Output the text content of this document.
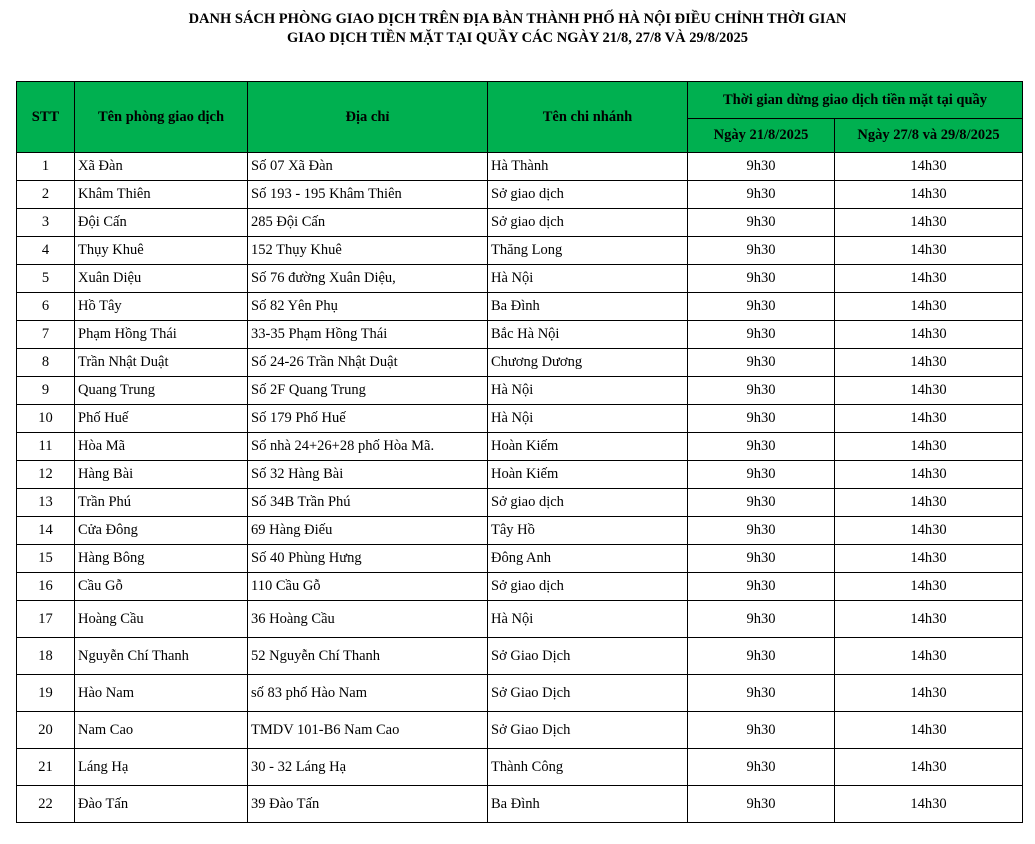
DANH SÁCH PHÒNG GIAO DỊCH TRÊN ĐỊA BÀN THÀNH PHỐ HÀ NỘI ĐIỀU CHỈNH THỜI GIAN
GIAO DỊCH TIỀN MẶT TẠI QUẦY CÁC NGÀY 21/8, 27/8 VÀ 29/8/2025
STT	Tên phòng giao dịch	Địa chỉ	Tên chi nhánh	Thời gian dừng giao dịch tiền mặt tại quầy	
				Ngày 21/8/2025	Ngày 27/8 và 29/8/2025
1	Xã Đàn	Số 07 Xã Đàn	Hà Thành	9h30	14h30
2	Khâm Thiên	Số 193 - 195 Khâm Thiên	Sở giao dịch	9h30	14h30
3	Đội Cấn	285 Đội Cấn	Sở giao dịch	9h30	14h30
4	Thụy Khuê	152 Thụy Khuê	Thăng Long	9h30	14h30
5	Xuân Diệu	Số 76 đường Xuân Diệu,	Hà Nội	9h30	14h30
6	Hồ Tây	Số 82 Yên Phụ	Ba Đình	9h30	14h30
7	Phạm Hồng Thái	33-35 Phạm Hồng Thái	Bắc Hà Nội	9h30	14h30
8	Trần Nhật Duật	Số 24-26 Trần Nhật Duật	Chương Dương	9h30	14h30
9	Quang Trung	Số 2F Quang Trung	Hà Nội	9h30	14h30
10	Phố Huế	Số 179 Phố Huế	Hà Nội	9h30	14h30
11	Hòa Mã	Số nhà 24+26+28 phố Hòa Mã.	Hoàn Kiếm	9h30	14h30
12	Hàng Bài	Số 32 Hàng Bài	Hoàn Kiếm	9h30	14h30
13	Trần Phú	Số 34B Trần Phú	Sở giao dịch	9h30	14h30
14	Cửa Đông	69 Hàng Điếu	Tây Hồ	9h30	14h30
15	Hàng Bông	Số 40 Phùng Hưng	Đông Anh	9h30	14h30
16	Cầu Gỗ	110 Cầu Gỗ	Sở giao dịch	9h30	14h30
17	Hoàng Cầu	36 Hoàng Cầu	Hà Nội	9h30	14h30
18	Nguyễn Chí Thanh	52 Nguyễn Chí Thanh	Sở Giao Dịch	9h30	14h30
19	Hào Nam	số 83 phố Hào Nam	Sở Giao Dịch	9h30	14h30
20	Nam Cao	TMDV 101-B6 Nam Cao	Sở Giao Dịch	9h30	14h30
21	Láng Hạ	30 - 32 Láng Hạ	Thành Công	9h30	14h30
22	Đào Tấn	39 Đào Tấn	Ba Đình	9h30	14h30
